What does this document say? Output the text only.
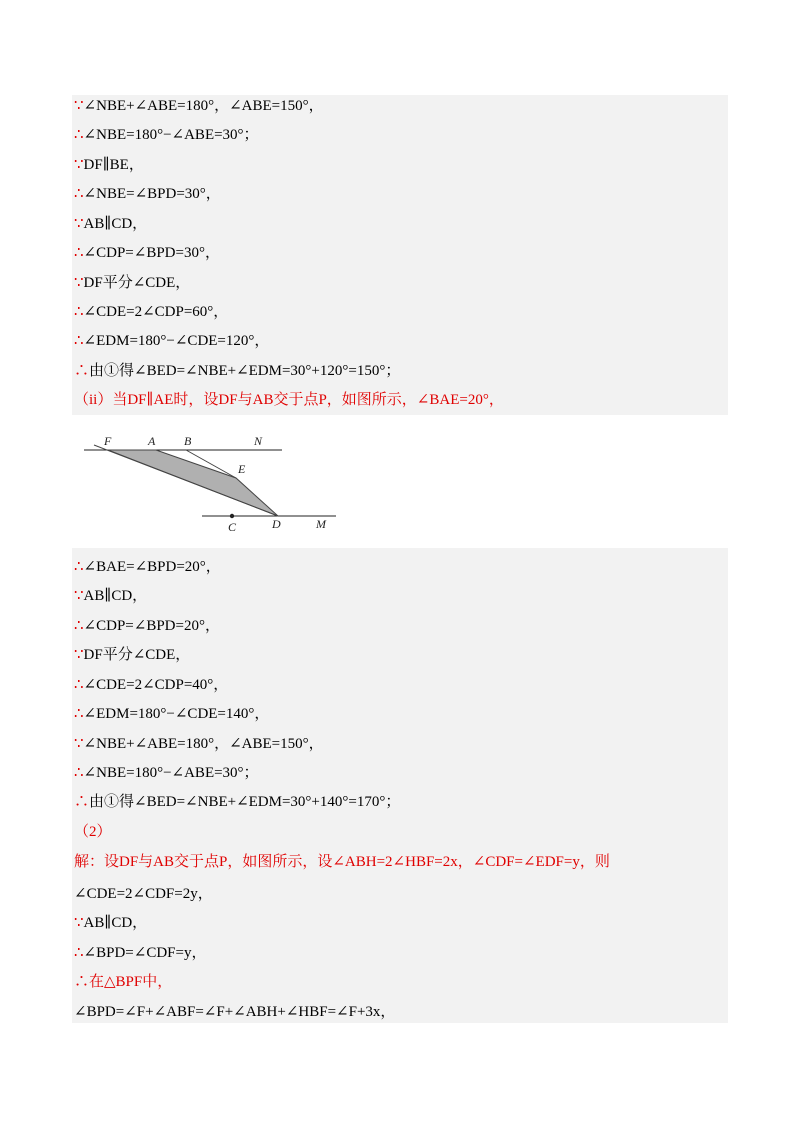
∵∠NBE+∠ABE=180°，∠ABE=150°，
∴∠NBE=180°−∠ABE=30°；
∵DF∥BE，
∴∠NBE=∠BPD=30°，
∵AB∥CD，
∴∠CDP=∠BPD=30°，
∵DF平分∠CDE，
∴∠CDE=2∠CDP=60°，
∴∠EDM=180°−∠CDE=120°，
∴由①得∠BED=∠NBE+∠EDM=30°+120°=150°；
（ii）当DF∥AE时，设DF与AB交于点P，如图所示，∠BAE=20°，
F	A B	N
E
C	D	M
∴∠BAE=∠BPD=20°，
∵AB∥CD，
∴∠CDP=∠BPD=20°，
∵DF平分∠CDE，
∴∠CDE=2∠CDP=40°，
∴∠EDM=180°−∠CDE=140°，
∵∠NBE+∠ABE=180°，∠ABE=150°，
∴∠NBE=180°−∠ABE=30°；
∴由①得∠BED=∠NBE+∠EDM=30°+140°=170°；
（2）
解：设DF与AB交于点P，如图所示，设∠ABH=2∠HBF=2x，∠CDF=∠EDF=y，则
∠CDE=2∠CDF=2y，
∵AB∥CD，
∴∠BPD=∠CDF=y，
∴在△BPF中，
∠BPD=∠F+∠ABF=∠F+∠ABH+∠HBF=∠F+3x，
